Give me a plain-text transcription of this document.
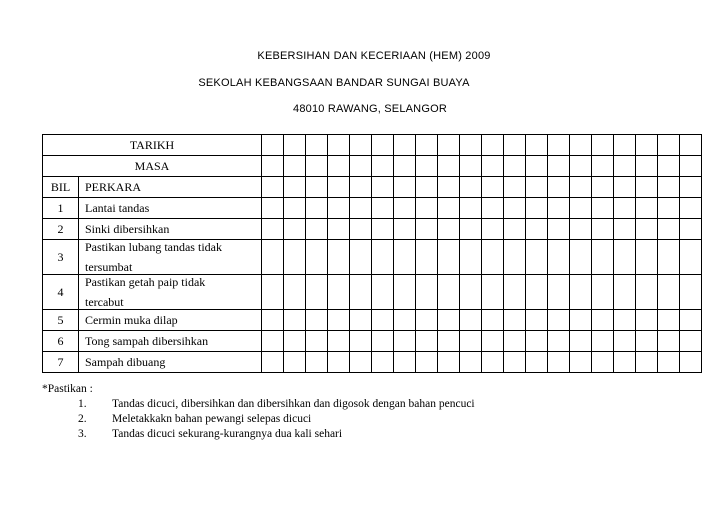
KEBERSIHAN DAN KECERIAAN (HEM) 2009
SEKOLAH KEBANGSAAN BANDAR SUNGAI BUAYA
48010 RAWANG, SELANGOR
TARIKH																					
MASA																					
BIL	PERKARA																				
1	Lantai tandas																				
2	Sinki dibersihkan																				
3	Pastikan lubang tandas tidak
tersumbat																				

4	Pastikan getah paip tidak
tercabut																				

5	Cermin muka dilap																				
6	Tong sampah dibersihkan																				
7	Sampah dibuang																				
*Pastikan :
1. Tandas dicuci, dibersihkan dan dibersihkan dan digosok dengan bahan pencuci
2. Meletakkakn bahan pewangi selepas dicuci
3. Tandas dicuci sekurang-kurangnya dua kali sehari
